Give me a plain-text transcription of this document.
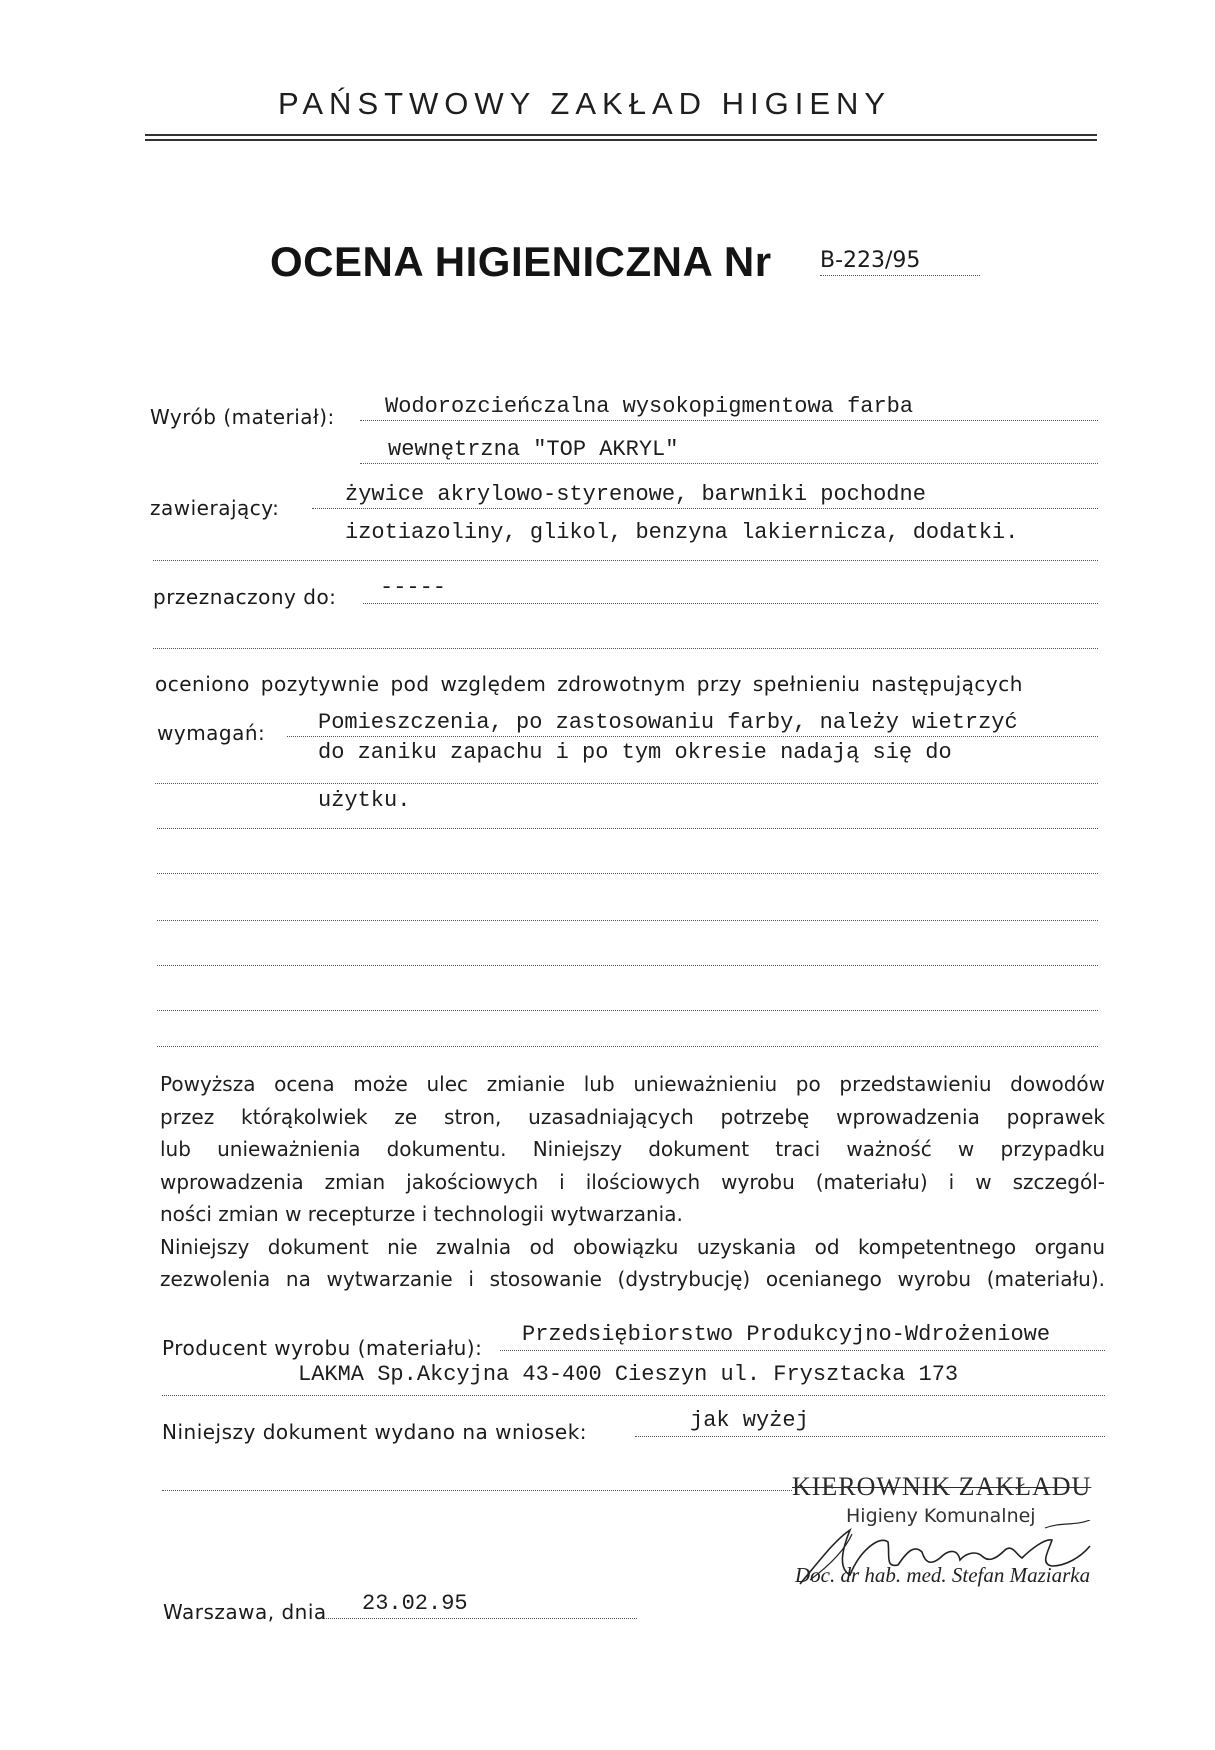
PAŃSTWOWY ZAKŁAD HIGIENY
OCENA HIGIENICZNA Nr B-223/95
Wyrób (materiał): Wodorozcieńczalna wysokopigmentowa farba
wewnętrzna "TOP AKRYL"
zawierający:
żywice akrylowo-styrenowe, barwniki pochodne
izotiazoliny, glikol, benzyna lakiernicza, dodatki.
przeznaczony do: -----
oceniono pozytywnie pod względem zdrowotnym przy spełnieniu następujących
wymagań: Pomieszczenia, po zastosowaniu farby, należy wietrzyć
do zaniku zapachu i po tym okresie nadają się do
użytku.
Powyższa ocena może ulec zmianie lub unieważnieniu po przedstawieniu dowodów
przez którąkolwiek ze stron, uzasadniających potrzebę wprowadzenia poprawek
lub unieważnienia dokumentu. Niniejszy dokument traci ważność w przypadku
wprowadzenia zmian jakościowych i ilościowych wyrobu (materiału) i w szczegól-
ności zmian w recepturze i technologii wytwarzania.
Niniejszy dokument nie zwalnia od obowiązku uzyskania od kompetentnego organu
zezwolenia na wytwarzanie i stosowanie (dystrybucję) ocenianego wyrobu (materiału).
Producent wyrobu (materiału):
Przedsiębiorstwo Produkcyjno-Wdrożeniowe
LAKMA Sp.Akcyjna 43-400 Cieszyn ul. Frysztacka 173
Niniejszy dokument wydano na wniosek:	jak wyżej
KIEROWNIK ZAKŁADU
Higieny Komunalnej
Doc. dr hab. med. Stefan Maziarka
Warszawa, dnia 23.02.95
